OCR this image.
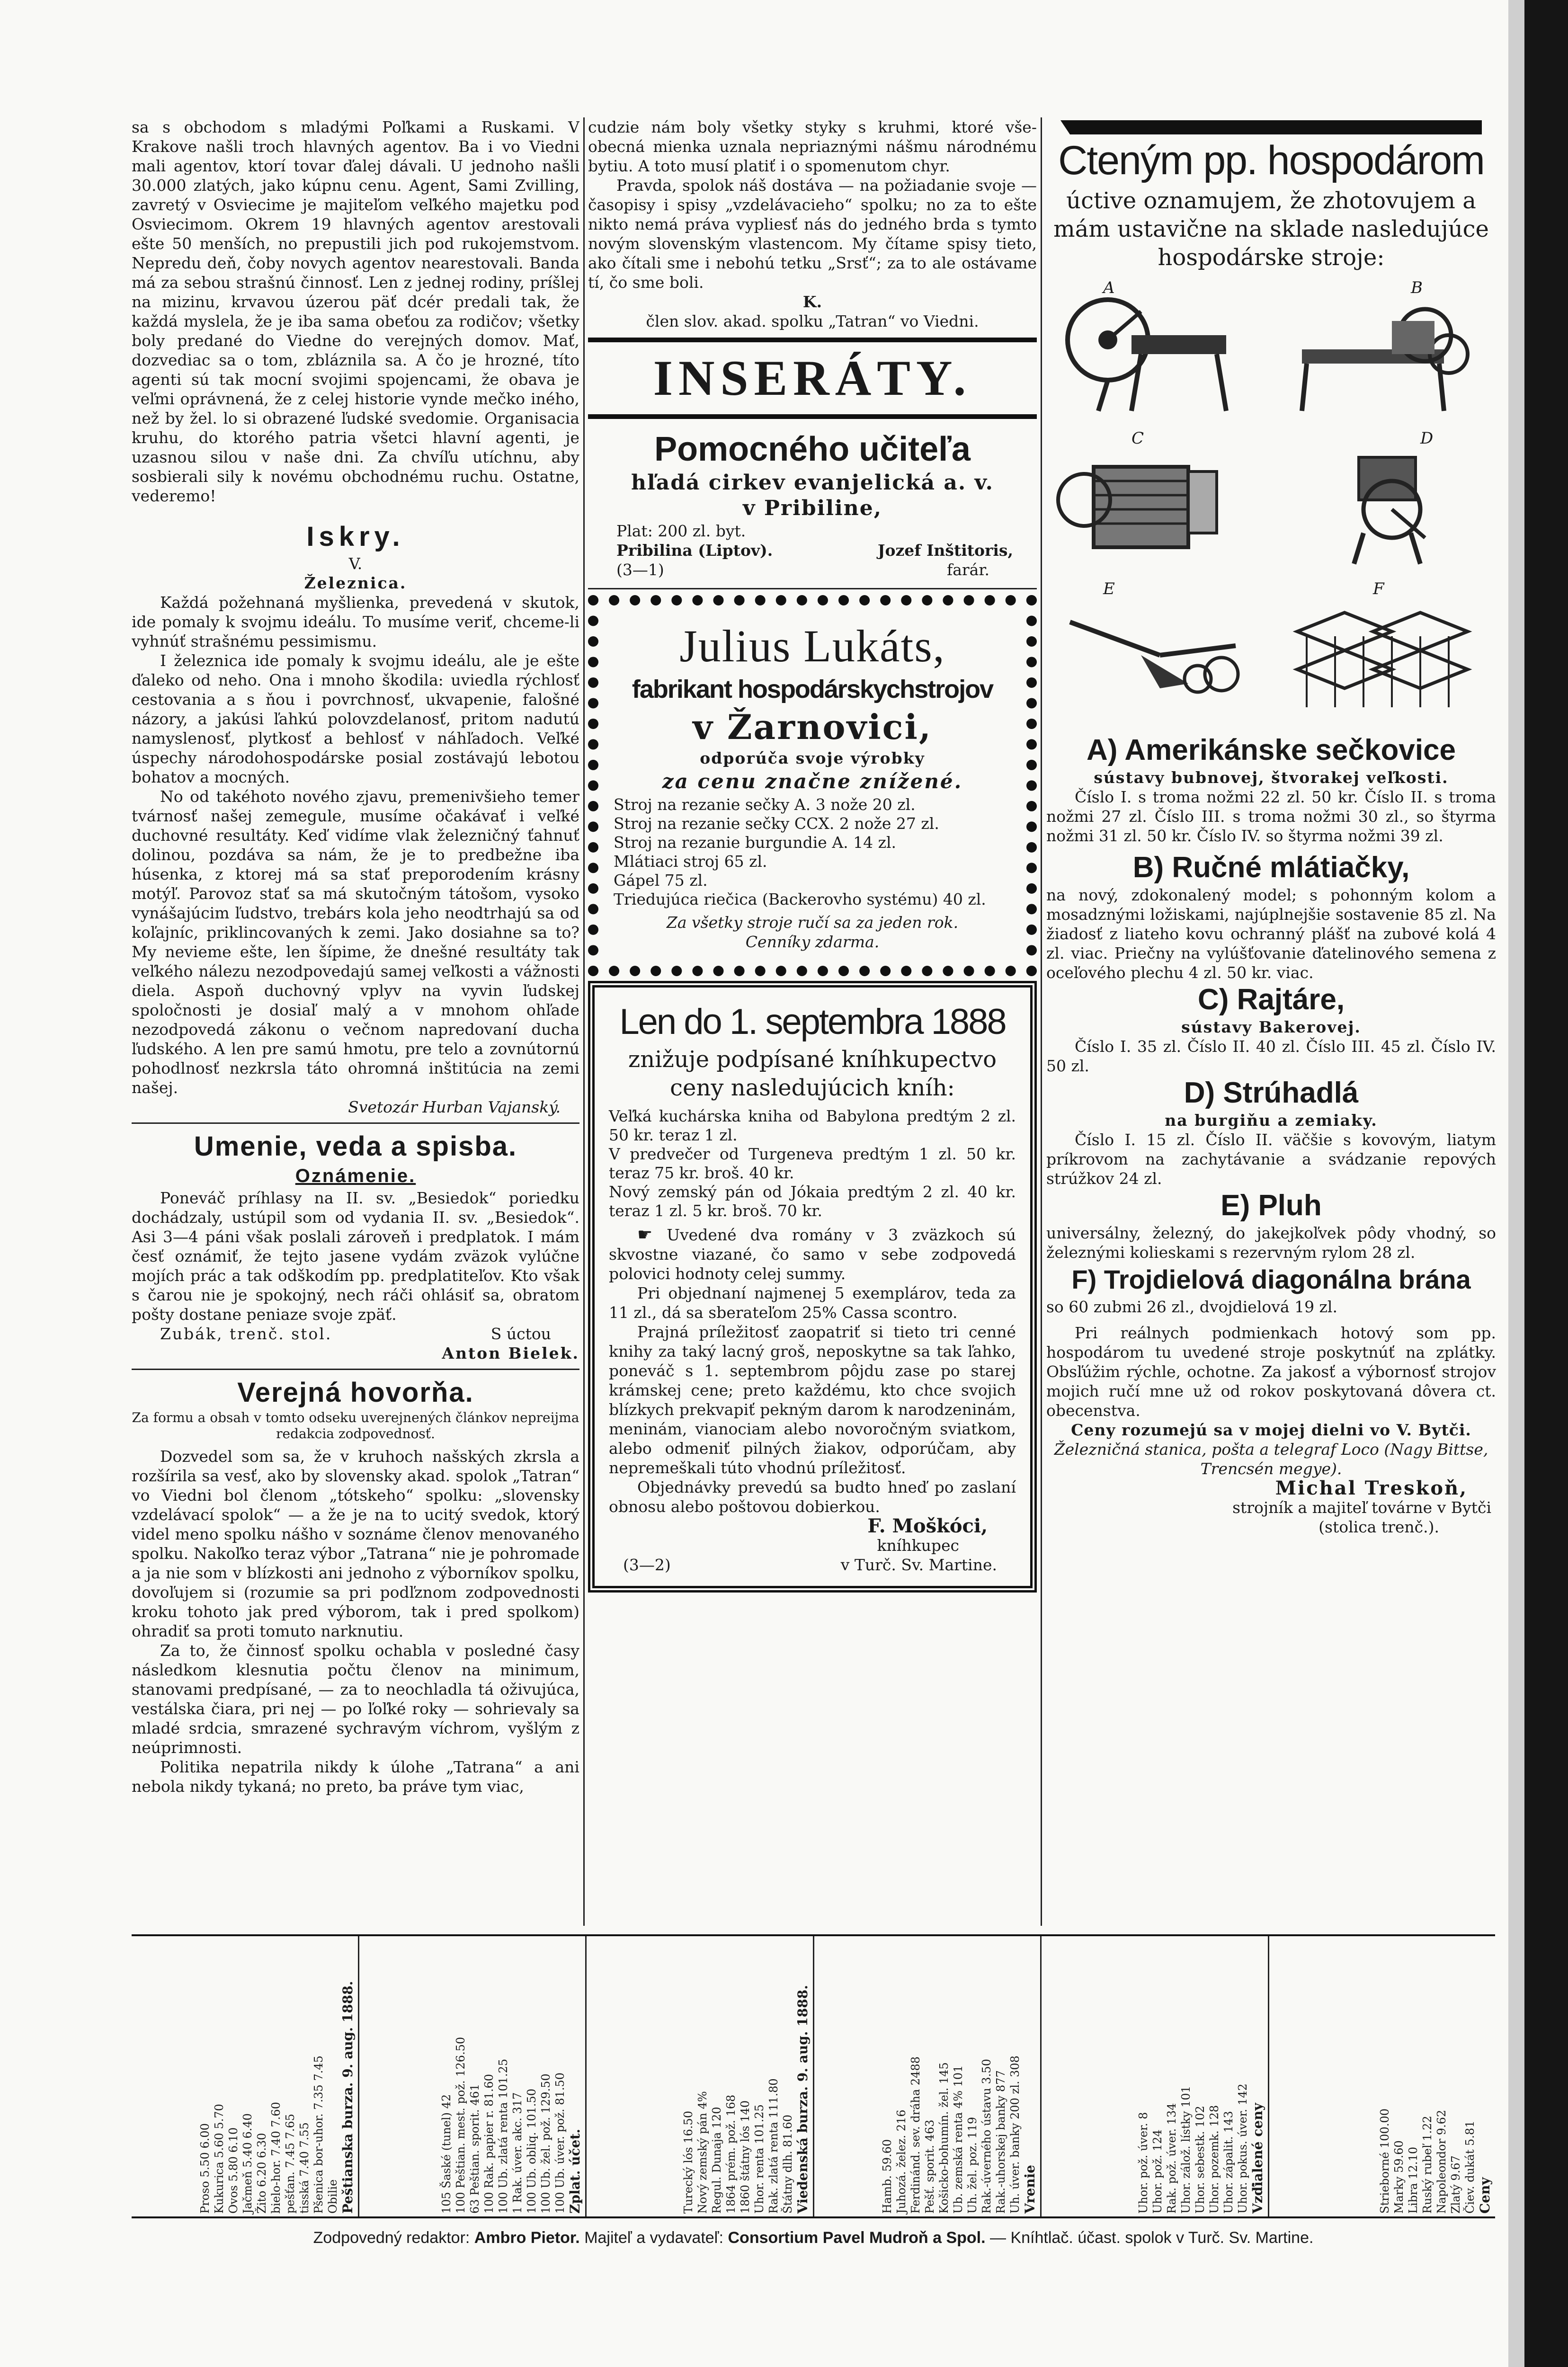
sa s obchodom s mladými Poľkami a Ruskami. V Krakove našli troch hlavných agentov. Ba i vo Viedni mali agentov, ktorí tovar ďalej dávali. U jednoho našli 30.000 zlatých, jako kúpnu cenu. Agent, Sami Zvilling, zavretý v Osviecime je majiteľom veľkého majetku pod Osviecimom. Okrem 19 hlavných agentov arestovali ešte 50 menších, no prepustili jich pod rukojemstvom. Nepredu deň, čoby novych agentov nearestovali. Banda má za sebou strašnú činnosť. Len z jednej rodiny, príšlej na mizinu, krvavou úzerou päť dcér predali tak, že každá myslela, že je iba sama obeťou za rodičov; všetky boly predané do Viedne do verejných domov. Mať, dozvediac sa o tom, zbláznila sa. A čo je hrozné, títo agenti sú tak mocní svojimi spojencami, že obava je veľmi oprávnená, že z celej historie vynde mečko iného, než by žel. lo si obrazené ľudské svedomie. Organisacia kruhu, do ktorého patria všetci hlavní agenti, je uzasnou silou v naše dni. Za chvíľu utíchnu, aby sosbierali sily k novému obchodnému ruchu. Ostatne, vederemo!

Iskry.

V.

Železnica.

Každá požehnaná myšlienka, prevedená v skutok, ide pomaly k svojmu ideálu. To musíme veriť, chceme-li vyhnúť strašnému pessimismu.

I železnica ide pomaly k svojmu ideálu, ale je ešte ďaleko od neho. Ona i mnoho škodila: uviedla rýchlosť cestovania a s ňou i povrchnosť, ukvapenie, falošné názory, a jakúsi ľahkú polovzdelanosť, pritom nadutú namyslenosť, plytkosť a behlosť v náhľadoch. Veľké úspechy národohospodárske posial zostávajú lebotou bohatov a mocných.

No od takéhoto nového zjavu, premenivšieho temer tvárnosť našej zemegule, musíme očakávať i veľké duchovné resultáty. Keď vidíme vlak železničný ťahnuť dolinou, pozdáva sa nám, že je to predbežne iba húsenka, z ktorej má sa stať preporodením krásny motýľ. Parovoz stať sa má skutočným tátošom, vysoko vynášajúcim ľudstvo, trebárs kola jeho neodtrhajú sa od koľajníc, priklincovaných k zemi. Jako dosiahne sa to? My nevieme ešte, len šípime, že dnešné resultáty tak veľkého nálezu nezodpovedajú samej veľkosti a vážnosti diela. Aspoň duchovný vplyv na vyvin ľudskej spoločnosti je dosiaľ malý a v mnohom ohľade nezodpovedá zákonu o večnom napredovaní ducha ľudského. A len pre samú hmotu, pre telo a zovnútornú pohodlnosť nezkrsla táto ohromná inštitúcia na zemi našej.

Svetozár Hurban Vajanský.

Umenie, veda a spisba.
Oznámenie.

Poneváč príhlasy na II. sv. „Besiedok“ poriedku dochádzaly, ustúpil som od vydania II. sv. „Besiedok“. Asi 3—4 páni však poslali zároveň i predplatok. I mám česť oznámiť, že tejto jasene vydám zväzok vylúčne mojích prác a tak odškodím pp. predplatiteľov. Kto však s čarou nie je spokojný, nech ráči ohlásiť sa, obratom pošty dostane peniaze svoje zpäť.

Zubák, trenč. stol.	S úctou

Anton Bielek.

Verejná hovorňa.

Za formu a obsah v tomto odseku uverejnených článkov nepreijma redakcia zodpovednosť.

Dozvedel som sa, že v kruhoch našských zkrsla a rozšírila sa vesť, ako by slovensky akad. spolok „Tatran“ vo Viedni bol členom „tótskeho“ spolku: „slovensky vzdelávací spolok“ — a že je na to ucitý svedok, ktorý videl meno spolku nášho v soznáme členov menovaného spolku. Nakoľko teraz výbor „Tatrana“ nie je pohromade a ja nie som v blízkosti ani jednoho z výborníkov spolku, dovoľujem si (rozumie sa pri podľznom zodpovednosti kroku tohoto jak pred výborom, tak i pred spolkom) ohradiť sa proti tomuto narknutiu.

Za to, že činnosť spolku ochabla v posledné časy následkom klesnutia počtu členov na minimum, stanovami predpísané, — za to neochladla tá oživujúca, vestálska čiara, pri nej — po ľoľké roky — sohrievaly sa mladé srdcia, smrazené sychravým víchrom, vyšlým z neúprimnosti.

Politika nepatrila nikdy k úlohe „Tatrana“ a ani nebola nikdy tykaná; no preto, ba práve tym viac,

cudzie nám boly všetky styky s kruhmi, ktoré vše-obecná mienka uznala nepriaznými nášmu národnému bytiu. A toto musí platiť i o spomenutom chyr.

Pravda, spolok náš dostáva — na požiadanie svoje — časopisy i spisy „vzdelávacieho“ spolku; no za to ešte nikto nemá práva vypliesť nás do jedného brda s tymto novým slovenským vlastencom. My čítame spisy tieto, ako čítali sme i nebohú tetku „Srsť“; za to ale ostávame tí, čo sme boli.

K.

člen slov. akad. spolku „Tatran“ vo Viedni.

INSERÁTY.
Pomocného učiteľa

hľadá cirkev evanjelická a. v.

v Pribiline,

Plat: 200 zl. byt.

Pribilina (Liptov).	Jozef Inštitoris,
(3—1)	farár.
Julius Lukáts,
fabrikant hospodárskychstrojov
v Žarnovici,

odporúča svoje výrobky

za cenu značne znížené.

Stroj na rezanie sečky A. 3 nože 20 zl.

Stroj na rezanie sečky CCX. 2 nože 27 zl.

Stroj na rezanie burgundie A. 14 zl.

Mlátiaci stroj 65 zl.

Gápel 75 zl.

Triedujúca riečica (Backerovho systému) 40 zl.

Za všetky stroje ručí sa za jeden rok.

Cenníky zdarma.

Len do 1. septembra 1888

znižuje podpísané kníhkupectvo

ceny nasledujúcich kníh:

Veľká kuchárska kniha od Babylona predtým 2 zl. 50 kr. teraz 1 zl.

V predvečer od Turgeneva predtým 1 zl. 50 kr. teraz 75 kr. broš. 40 kr.

Nový zemský pán od Jókaia predtým 2 zl. 40 kr. teraz 1 zl. 5 kr. broš. 70 kr.

☛ Uvedené dva romány v 3 zväzkoch sú skvostne viazané, čo samo v sebe zodpovedá polovici hodnoty celej summy.

Pri objednaní najmenej 5 exemplárov, teda za 11 zl., dá sa sberateľom 25% Cassa scontro.

Prajná príležitosť zaopatriť si tieto tri cenné knihy za taký lacný groš, neposkytne sa tak ľahko, poneváč s 1. septembrom pôjdu zase po starej krámskej cene; preto každému, kto chce svojich blízkych prekvapiť pekným darom k narodzeninám, meninám, vianociam alebo novoročným sviatkom, alebo odmeniť pilných žiakov, odporúčam, aby nepremeškali túto vhodnú príležitosť.

Objednávky prevedú sa budto hneď po zaslaní obnosu alebo poštovou dobierkou.

F. Moškóci,

kníhkupec

(3—2)	v Turč. Sv. Martine.
Ctеným pp. hospodárom

úctive oznamujem, že zhotovujem a mám ustavične na sklade nasledujúce hospodárske stroje:

A	B
C	D
E	F
A) Amerikánske sečkovice

sústavy bubnovej, štvorakej veľkosti.

Číslo I. s troma nožmi 22 zl. 50 kr. Číslo II. s troma nožmi 27 zl. Číslo III. s troma nožmi 30 zl., so štyrma nožmi 31 zl. 50 kr. Číslo IV. so štyrma nožmi 39 zl.

B) Ručné mlátiačky,

na nový, zdokonalený model; s pohonným kolom a mosadznými ložiskami, najúplnejšie sostavenie 85 zl. Na žiadosť z liateho kovu ochranný plášť na zubové kolá 4 zl. viac. Priečny na vylúšťovanie ďatelinového semena z oceľového plechu 4 zl. 50 kr. viac.

C) Rajtáre,

sústavy Bakerovej.

Číslo I. 35 zl. Číslo II. 40 zl. Číslo III. 45 zl. Číslo IV. 50 zl.

D) Strúhadlá

na burgiňu a zemiaky.

Číslo I. 15 zl. Číslo II. väčšie s kovovým, liatym príkrovom na zachytávanie a svádzanie repových strúžkov 24 zl.

E) Pluh

universálny, železný, do jakejkoľvek pôdy vhodný, so železnými kolieskami s rezervným rylom 28 zl.

F) Trojdielová diagonálna brána

so 60 zubmi 26 zl., dvojdielová 19 zl.

Pri reálnych podmienkach hotový som pp. hospodárom tu uvedené stroje poskytnúť na zplátky. Obsľúžim rýchle, ochotne. Za jakosť a výbornosť strojov mojich ručí mne už od rokov poskytovaná dôvera ct. obecenstva.

Ceny rozumejú sa v mojej dielni vo V. Bytči.

Železničná stanica, pošta a telegraf Loco (Nagy Bittse, Trencsén megye).

Michal Treskoň,

strojník a majiteľ továrne v Bytči

(stolica trenč.).

Peštianska burza. 9. aug. 1888.
Obilie
Pšenica bor-uhor. 7.35 7.45
tisská 7.40 7.55
pešťan. 7.45 7.65
bielo-hor. 7.40 7.60
Žito 6.20 6.30
Jačmeň 5.40 6.40
Ovos 5.80 6.10
Kukurica 5.60 5.70
Proso 5.50 6.00	Zplat. účet.
100 Ub. úver. pož. 81.50
100 Ub. žel. pož. 129.50
100 Ub. obliq. 101.50
1 Rak. úver. akc. 317
100 Ub. zlatá renta 101.25
100 Rak. papier r. 81.60
63 Peštian. sporit. 461
100 Peštian. mest. pož. 126.50
105 Šaské (tunel) 42	Viedenská burza. 9. aug. 1888.
Štátny dlh. 81.60
Rak. zlatá renta 111.80
Uhor. renta 101.25
1860 štátny lós 140
1864 prém. pož. 168
Regul. Dunaja 120
Nový zemský pán 4%
Turecký lós 16.50	Vrenie
Uh. úver. banky 200 zl. 308
Rak.-uhorskej banky 877
Rak.-úverného ústavu 3.50
Uh. žel. poz. 119
Ub. zemská renta 4% 101
Košicko-bohumín. žel. 145
Pešť. sporit. 463
Ferdinánd. sev. dráha 2488
Juhozá. želez. 216
Hamb. 59.60	Vzďialené ceny
Uhor. pokus. úver. 142
Uhor. zápalit. 143
Uhor. pozemk. 128
Uhor. sebestk. 102
Uhor. zálož. lístky 101
Rak. pož. úver. 134
Uhor. pož. 124
Uhor. pož. úver. 8	Ceny
Čiev. dukát 5.81
Zlatý 9.67
Napoleondor 9.62
Ruský rubeľ 1.22
Libra 12.10
Marky 59.60
Strieborné 100.00
Zodpovedný redaktor: Ambro Pietor. Majiteľ a vydavateľ: Consortium Pavel Mudroň a Spol. — Kníhtlač. účast. spolok v Turč. Sv. Martine.
